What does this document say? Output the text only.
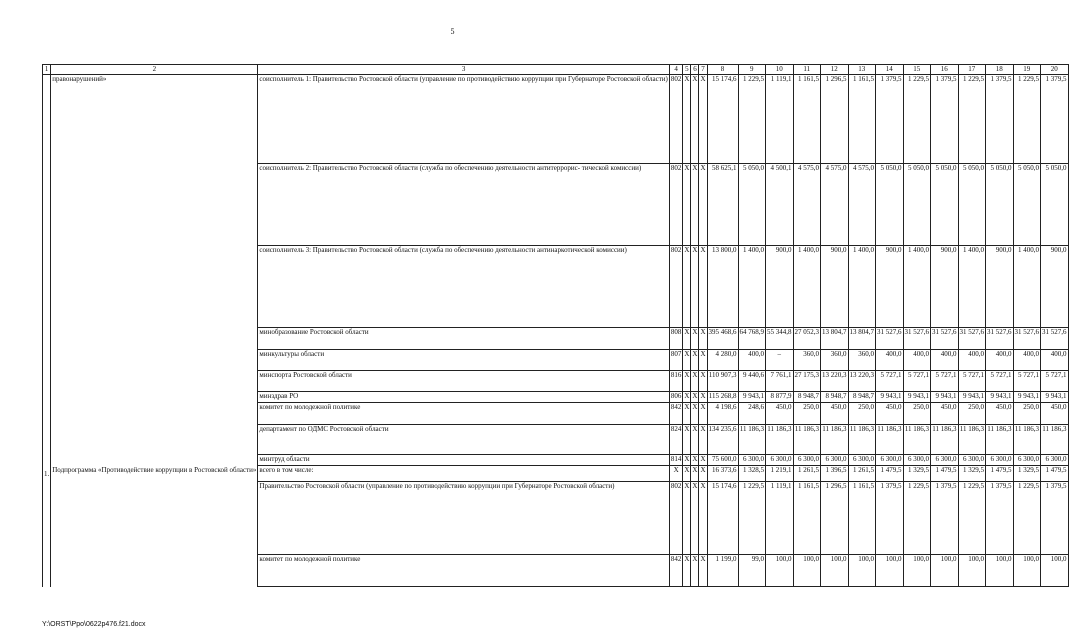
5
1	2	3	4	5	6	7	8	9	10	11	12	13	14	15	16	17	18	19	20
	правонарушений»	соисполнитель 1: Правительство Ростовской области (управление по противодействию коррупции при Губернаторе Ростовской области)	802	X	X	X	15 174,6	1 229,5	1 119,1	1 161,5	1 296,5	1 161,5	1 379,5	1 229,5	1 379,5	1 229,5	1 379,5	1 229,5	1 379,5
		соисполнитель 2: Правительство Ростовской области (служба по обеспечению деятельности антитеррорис- тической комиссии)	802	X	X	X	58 625,1	5 050,0	4 500,1	4 575,0	4 575,0	4 575,0	5 050,0	5 050,0	5 050,0	5 050,0	5 050,0	5 050,0	5 050,0
		соисполнитель 3: Правительство Ростовской области (служба по обеспечению деятельности антинаркотической комиссии)	802	X	X	X	13 800,0	1 400,0	900,0	1 400,0	900,0	1 400,0	900,0	1 400,0	900,0	1 400,0	900,0	1 400,0	900,0
		минобразование Ростовской области	808	X	X	X	395 468,6	64 768,9	55 344,8	27 052,3	13 804,7	13 804,7	31 527,6	31 527,6	31 527,6	31 527,6	31 527,6	31 527,6	31 527,6
		минкультуры области	807	X	X	X	4 280,0	400,0	–	360,0	360,0	360,0	400,0	400,0	400,0	400,0	400,0	400,0	400,0
		минспорта Ростовской области	816	X	X	X	110 907,3	9 440,6	7 761,1	27 175,3	13 220,3	13 220,3	5 727,1	5 727,1	5 727,1	5 727,1	5 727,1	5 727,1	5 727,1
		минздрав РО	806	X	X	X	115 268,8	9 943,1	8 877,9	8 948,7	8 948,7	8 948,7	9 943,1	9 943,1	9 943,1	9 943,1	9 943,1	9 943,1	9 943,1
		комитет по молодежной политике	842	X	X	X	4 198,6	248,6	450,0	250,0	450,0	250,0	450,0	250,0	450,0	250,0	450,0	250,0	450,0
		департамент по ОДМС Ростовской области	824	X	X	X	134 235,6	11 186,3	11 186,3	11 186,3	11 186,3	11 186,3	11 186,3	11 186,3	11 186,3	11 186,3	11 186,3	11 186,3	11 186,3
		минтруд области	814	X	X	X	75 600,0	6 300,0	6 300,0	6 300,0	6 300,0	6 300,0	6 300,0	6 300,0	6 300,0	6 300,0	6 300,0	6 300,0	6 300,0
1.	Подпрограмма «Противодействие коррупции в Ростовской области»	всего в том числе:	X	X	X	X	16 373,6	1 328,5	1 219,1	1 261,5	1 396,5	1 261,5	1 479,5	1 329,5	1 479,5	1 329,5	1 479,5	1 329,5	1 479,5
		Правительство Ростовской области (управление по противодействию коррупции при Губернаторе Ростовской области)	802	X	X	X	15 174,6	1 229,5	1 119,1	1 161,5	1 296,5	1 161,5	1 379,5	1 229,5	1 379,5	1 229,5	1 379,5	1 229,5	1 379,5
		комитет по молодежной политике	842	X	X	X	1 199,0	99,0	100,0	100,0	100,0	100,0	100,0	100,0	100,0	100,0	100,0	100,0	100,0
Y:\ORST\Ppo\0622p476.f21.docx
